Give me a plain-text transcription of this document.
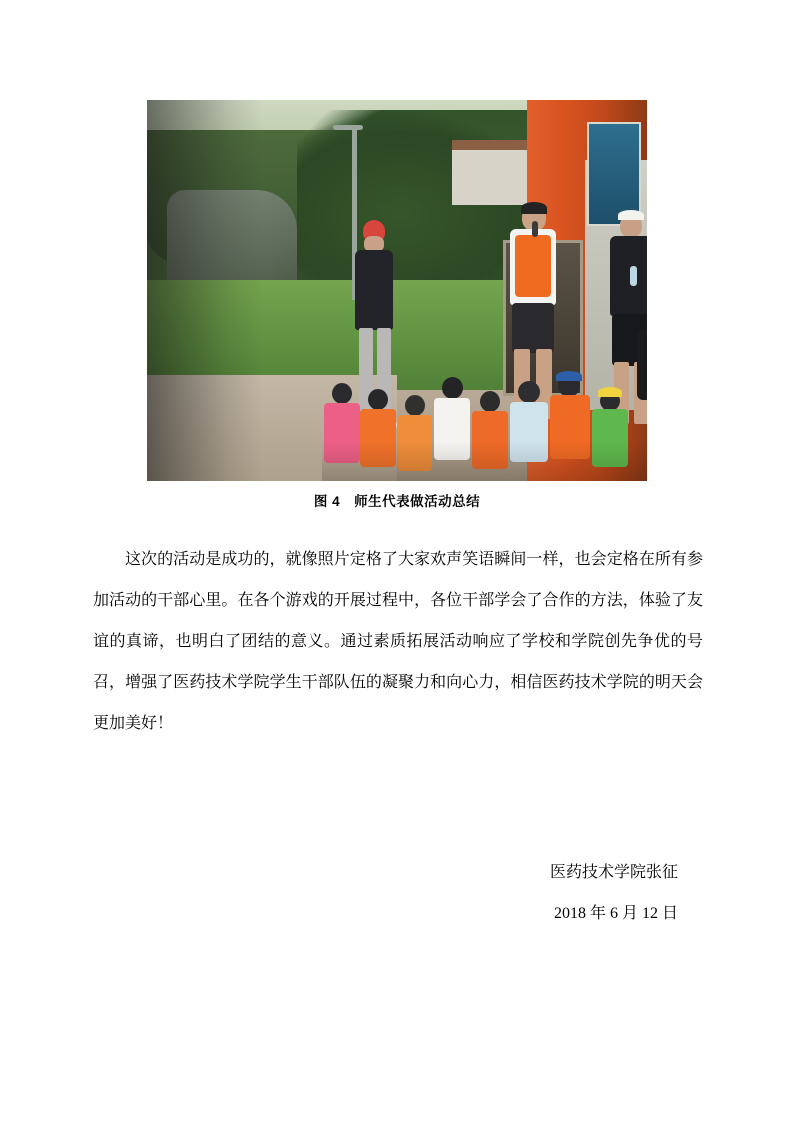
图 4　师生代表做活动总结

这次的活动是成功的，就像照片定格了大家欢声笑语瞬间一样，也会定格在所有参加活动的干部心里。在各个游戏的开展过程中，各位干部学会了合作的方法，体验了友谊的真谛，也明白了团结的意义。通过素质拓展活动响应了学校和学院创先争优的号召，增强了医药技术学院学生干部队伍的凝聚力和向心力，相信医药技术学院的明天会更加美好！

医药技术学院张征
2018 年 6 月 12 日
